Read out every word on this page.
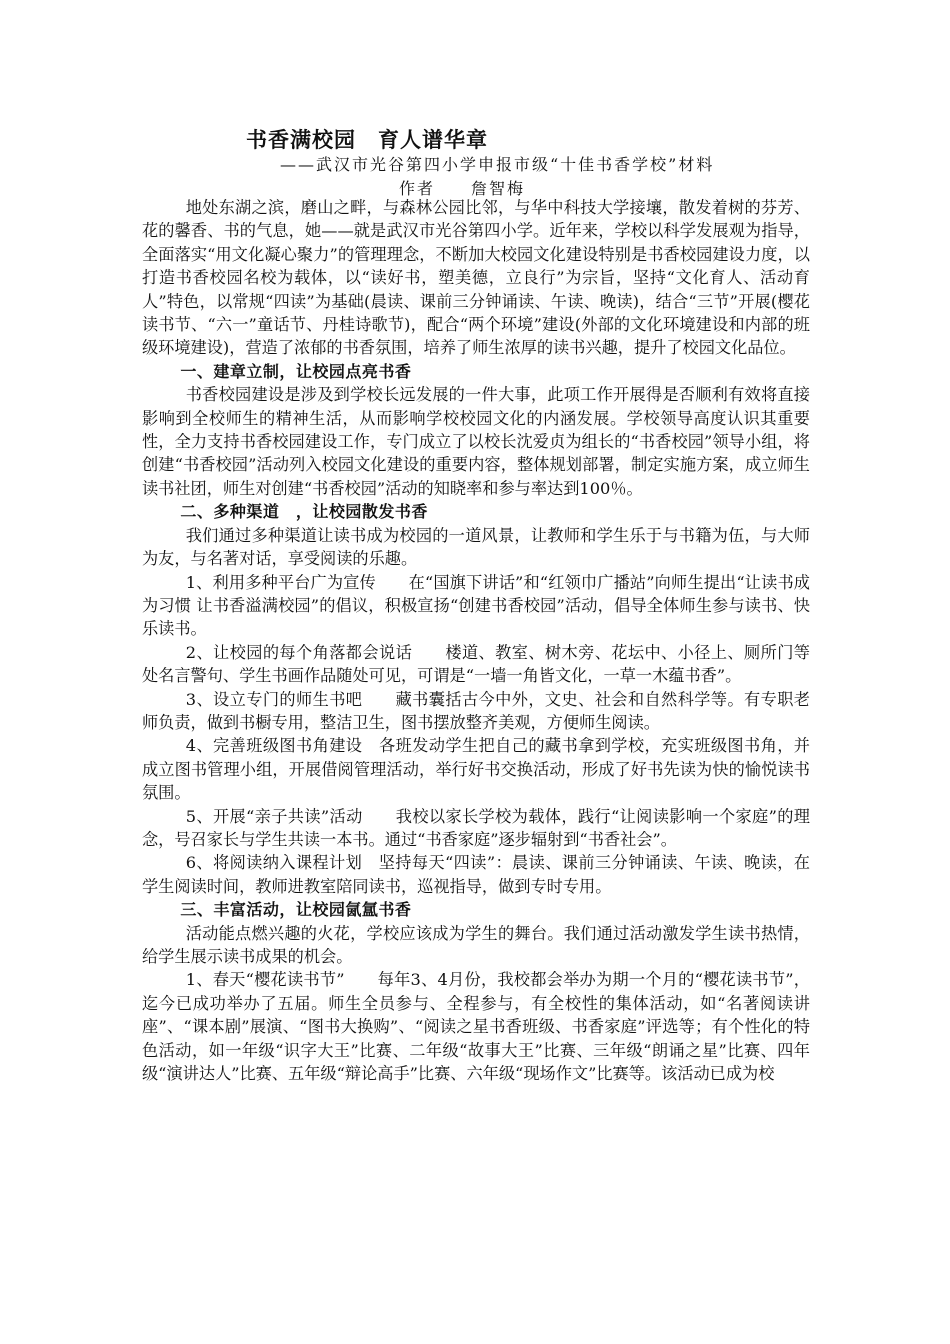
书香满校园　育人谱华章
——武汉市光谷第四小学申报市级“十佳书香学校”材料
作者　　詹智梅

地处东湖之滨，磨山之畔，与森林公园比邻，与华中科技大学接壤，散发着树的芬芳、花的馨香、书的气息，她——就是武汉市光谷第四小学。近年来，学校以科学发展观为指导，全面落实“用文化凝心聚力”的管理理念，不断加大校园文化建设特别是书香校园建设力度，以打造书香校园名校为载体，以“读好书，塑美德，立良行”为宗旨，坚持“文化育人、活动育人”特色，以常规“四读”为基础(晨读、课前三分钟诵读、午读、晚读)，结合“三节”开展(樱花读书节、“六一”童话节、丹桂诗歌节)，配合“两个环境”建设(外部的文化环境建设和内部的班级环境建设)，营造了浓郁的书香氛围，培养了师生浓厚的读书兴趣，提升了校园文化品位。

一、建章立制，让校园点亮书香

书香校园建设是涉及到学校长远发展的一件大事，此项工作开展得是否顺利有效将直接影响到全校师生的精神生活，从而影响学校校园文化的内涵发展。学校领导高度认识其重要性，全力支持书香校园建设工作，专门成立了以校长沈爱贞为组长的“书香校园”领导小组，将创建“书香校园”活动列入校园文化建设的重要内容，整体规划部署，制定实施方案，成立师生读书社团，师生对创建“书香校园”活动的知晓率和参与率达到100％。

二、多种渠道　，让校园散发书香

我们通过多种渠道让读书成为校园的一道风景，让教师和学生乐于与书籍为伍，与大师为友，与名著对话，享受阅读的乐趣。

1、利用多种平台广为宣传　　在“国旗下讲话”和“红领巾广播站”向师生提出“让读书成为习惯 让书香溢满校园”的倡议，积极宣扬“创建书香校园”活动，倡导全体师生参与读书、快乐读书。

2、让校园的每个角落都会说话　　楼道、教室、树木旁、花坛中、小径上、厕所门等处名言警句、学生书画作品随处可见，可谓是“一墙一角皆文化，一草一木蕴书香”。

3、设立专门的师生书吧　　藏书囊括古今中外，文史、社会和自然科学等。有专职老师负责，做到书橱专用，整洁卫生，图书摆放整齐美观，方便师生阅读。

4、完善班级图书角建设　各班发动学生把自己的藏书拿到学校，充实班级图书角，并成立图书管理小组，开展借阅管理活动，举行好书交换活动，形成了好书先读为快的愉悦读书氛围。

5、开展“亲子共读”活动　　我校以家长学校为载体，践行“让阅读影响一个家庭”的理念，号召家长与学生共读一本书。通过“书香家庭”逐步辐射到“书香社会”。

6、将阅读纳入课程计划　坚持每天“四读”：晨读、课前三分钟诵读、午读、晚读，在学生阅读时间，教师进教室陪同读书，巡视指导，做到专时专用。

三、丰富活动，让校园氤氲书香

活动能点燃兴趣的火花，学校应该成为学生的舞台。我们通过活动激发学生读书热情，给学生展示读书成果的机会。

1、春天“樱花读书节”　　每年3、4月份，我校都会举办为期一个月的“樱花读书节”，迄今已成功举办了五届。师生全员参与、全程参与，有全校性的集体活动，如“名著阅读讲座”、“课本剧”展演、“图书大换购”、“阅读之星书香班级、书香家庭”评选等；有个性化的特色活动，如一年级“识字大王”比赛、二年级“故事大王”比赛、三年级“朗诵之星”比赛、四年级“演讲达人”比赛、五年级“辩论高手”比赛、六年级“现场作文”比赛等。该活动已成为校
